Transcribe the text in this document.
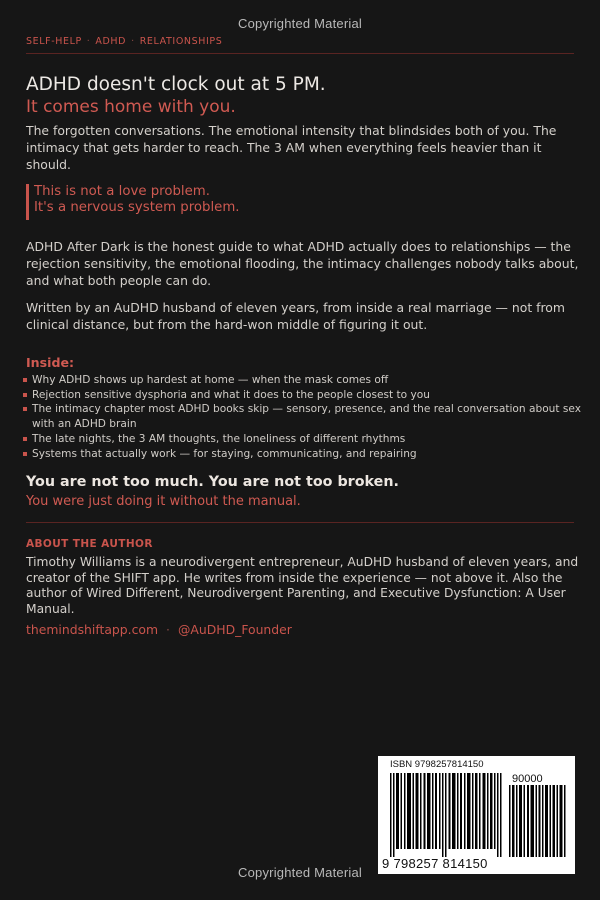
Copyrighted Material
SELF-HELP · ADHD · RELATIONSHIPS
ADHD doesn't clock out at 5 PM.
It comes home with you.

The forgotten conversations. The emotional intensity that blindsides both of you. The intimacy that gets harder to reach. The 3 AM when everything feels heavier than it should.

This is not a love problem.
It's a nervous system problem.

ADHD After Dark is the honest guide to what ADHD actually does to relationships — the rejection sensitivity, the emotional flooding, the intimacy challenges nobody talks about, and what both people can do.

Written by an AuDHD husband of eleven years, from inside a real marriage — not from clinical distance, but from the hard-won middle of figuring it out.

Inside:
Why ADHD shows up hardest at home — when the mask comes off
Rejection sensitive dysphoria and what it does to the people closest to you
The intimacy chapter most ADHD books skip — sensory, presence, and the real conversation about sex with an ADHD brain
The late nights, the 3 AM thoughts, the loneliness of different rhythms
Systems that actually work — for staying, communicating, and repairing
You are not too much. You are not too broken.
You were just doing it without the manual.
ABOUT THE AUTHOR

Timothy Williams is a neurodivergent entrepreneur, AuDHD husband of eleven years, and creator of the SHIFT app. He writes from inside the experience — not above it. Also the author of Wired Different, Neurodivergent Parenting, and Executive Dysfunction: A User Manual.

themindshiftapp.com · @AuDHD_Founder
ISBN 9798257814150
90000
9 798257 814150
Copyrighted Material
